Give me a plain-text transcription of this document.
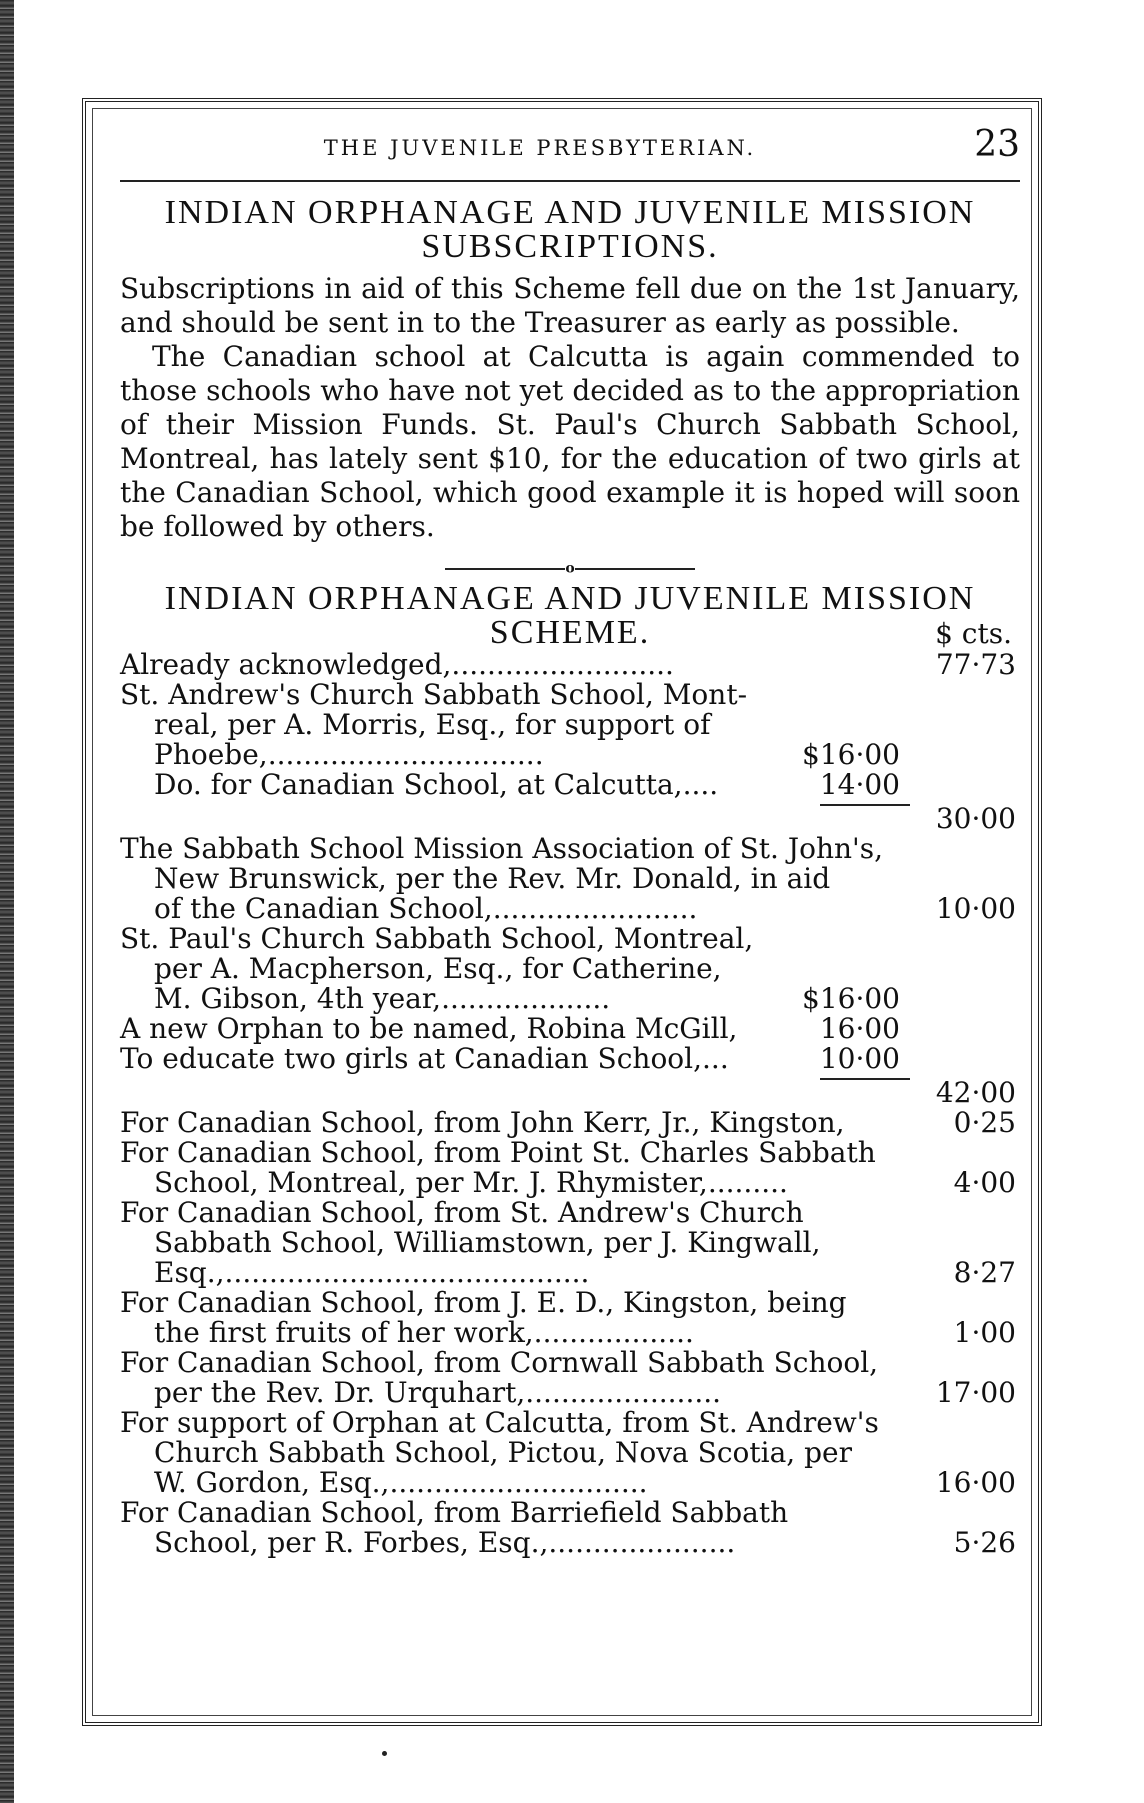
THE JUVENILE PRESBYTERIAN.	23
INDIAN ORPHANAGE AND JUVENILE MISSION
SUBSCRIPTIONS.

Subscriptions in aid of this Scheme fell due on the 1st January, and should be sent in to the Treasurer as early as possible.

The Canadian school at Calcutta is again commended to those schools who have not yet decided as to the appropriation of their Mission Funds. St. Paul's Church Sabbath School, Montreal, has lately sent $10, for the education of two girls at the Canadian School, which good example it is hoped will soon be followed by others.

o
INDIAN ORPHANAGE AND JUVENILE MISSION
SCHEME.	$ cts.
Already acknowledged,.........................	77·73
St. Andrew's Church Sabbath School, Mont-
real, per A. Morris, Esq., for support of
Phoebe,...............................	$16·00
Do. for Canadian School, at Calcutta,....	14·00
30·00
The Sabbath School Mission Association of St. John's,
New Brunswick, per the Rev. Mr. Donald, in aid
of the Canadian School,.......................	10·00
St. Paul's Church Sabbath School, Montreal,
per A. Macpherson, Esq., for Catherine,
M. Gibson, 4th year,...................	$16·00
A new Orphan to be named, Robina McGill,	16·00
To educate two girls at Canadian School,...	10·00
42·00
For Canadian School, from John Kerr, Jr., Kingston,	0·25
For Canadian School, from Point St. Charles Sabbath
School, Montreal, per Mr. J. Rhymister,.........	4·00
For Canadian School, from St. Andrew's Church
Sabbath School, Williamstown, per J. Kingwall,
Esq.,.........................................	8·27
For Canadian School, from J. E. D., Kingston, being
the first fruits of her work,..................	1·00
For Canadian School, from Cornwall Sabbath School,
per the Rev. Dr. Urquhart,......................	17·00
For support of Orphan at Calcutta, from St. Andrew's
Church Sabbath School, Pictou, Nova Scotia, per
W. Gordon, Esq.,.............................	16·00
For Canadian School, from Barriefield Sabbath
School, per R. Forbes, Esq.,.....................	5·26
